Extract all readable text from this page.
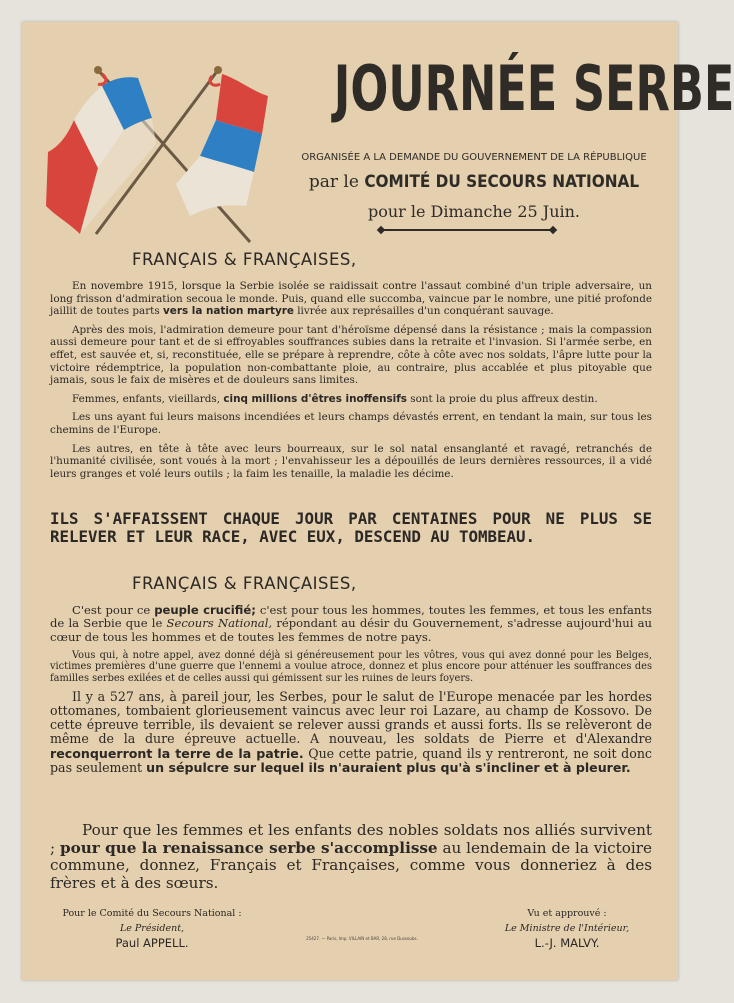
JOURNÉE SERBE
ORGANISÉE A LA DEMANDE DU GOUVERNEMENT DE LA RÉPUBLIQUE
par le COMITÉ DU SECOURS NATIONAL
pour le Dimanche 25 Juin.
FRANÇAIS & FRANÇAISES,

En novembre 1915, lorsque la Serbie isolée se raidissait contre l'assaut combiné d'un triple adversaire, un long frisson d'admiration secoua le monde. Puis, quand elle succomba, vaincue par le nombre, une pitié profonde jaillit de toutes parts vers la nation martyre livrée aux représailles d'un conquérant sauvage.

Après des mois, l'admiration demeure pour tant d'héroïsme dépensé dans la résistance ; mais la compassion aussi demeure pour tant et de si effroyables souffrances subies dans la retraite et l'invasion. Si l'armée serbe, en effet, est sauvée et, si, reconstituée, elle se prépare à reprendre, côte à côte avec nos soldats, l'âpre lutte pour la victoire rédemptrice, la population non-combattante ploie, au contraire, plus accablée et plus pitoyable que jamais, sous le faix de misères et de douleurs sans limites.

Femmes, enfants, vieillards, cinq millions d'êtres inoffensifs sont la proie du plus affreux destin.

Les uns ayant fui leurs maisons incendiées et leurs champs dévastés errent, en tendant la main, sur tous les chemins de l'Europe.

Les autres, en tête à tête avec leurs bourreaux, sur le sol natal ensanglanté et ravagé, retranchés de l'humanité civilisée, sont voués à la mort ; l'envahisseur les a dépouillés de leurs dernières ressources, il a vidé leurs granges et volé leurs outils ; la faim les tenaille, la maladie les décime.

ILS S'AFFAISSENT CHAQUE JOUR PAR CENTAINES POUR NE PLUS SE RELEVER ET LEUR RACE, AVEC EUX, DESCEND AU TOMBEAU.
FRANÇAIS & FRANÇAISES,

C'est pour ce peuple crucifié; c'est pour tous les hommes, toutes les femmes, et tous les enfants de la Serbie que le Secours National, répondant au désir du Gouvernement, s'adresse aujourd'hui au cœur de tous les hommes et de toutes les femmes de notre pays.

Vous qui, à notre appel, avez donné déjà si généreusement pour les vôtres, vous qui avez donné pour les Belges, victimes premières d'une guerre que l'ennemi a voulue atroce, donnez et plus encore pour atténuer les souffrances des familles serbes exilées et de celles aussi qui gémissent sur les ruines de leurs foyers.

Il y a 527 ans, à pareil jour, les Serbes, pour le salut de l'Europe menacée par les hordes ottomanes, tombaient glorieusement vaincus avec leur roi Lazare, au champ de Kossovo. De cette épreuve terrible, ils devaient se relever aussi grands et aussi forts. Ils se relèveront de même de la dure épreuve actuelle. A nouveau, les soldats de Pierre et d'Alexandre reconquerront la terre de la patrie. Que cette patrie, quand ils y rentreront, ne soit donc pas seulement un sépulcre sur lequel ils n'auraient plus qu'à s'incliner et à pleurer.

Pour que les femmes et les enfants des nobles soldats nos alliés survivent ; pour que la renaissance serbe s'accomplisse au lendemain de la victoire commune, donnez, Français et Françaises, comme vous donneriez à des frères et à des sœurs.
Pour le Comité du Secours National :
Le Président,
Paul APPELL.	25427. — Paris, Imp. VILLAIN et BAR, 28, rue Dussoubs.
Vu et approuvé :
Le Ministre de l'Intérieur,
L.-J. MALVY.
